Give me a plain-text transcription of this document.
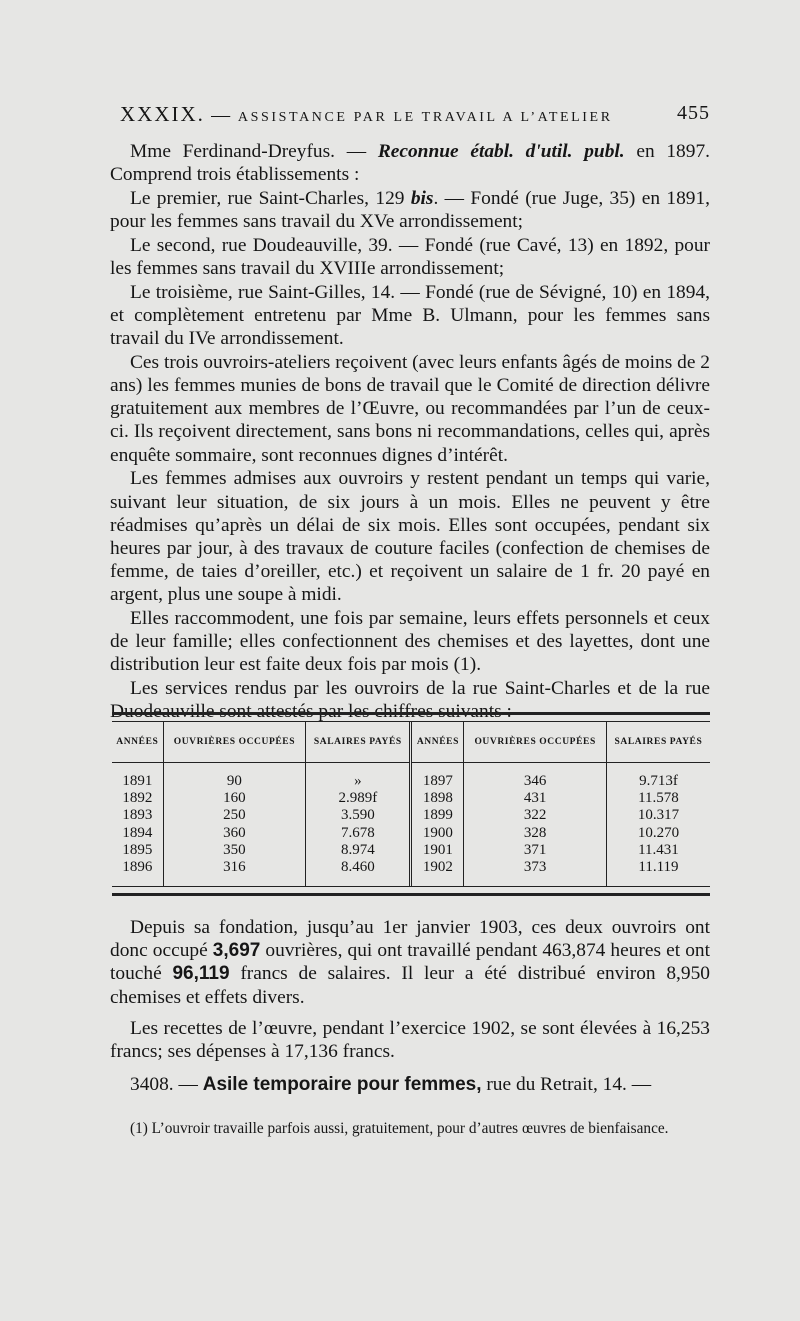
XXXIX. — ASSISTANCE PAR LE TRAVAIL A L’ATELIER	455

Mme Ferdinand-Dreyfus. — Reconnue établ. d'util. publ. en 1897. Comprend trois établissements :

Le premier, rue Saint-Charles, 129 bis. — Fondé (rue Juge, 35) en 1891, pour les femmes sans travail du XVe arrondissement;

Le second, rue Doudeauville, 39. — Fondé (rue Cavé, 13) en 1892, pour les femmes sans travail du XVIIIe arrondissement;

Le troisième, rue Saint-Gilles, 14. — Fondé (rue de Sévigné, 10) en 1894, et complètement entretenu par Mme B. Ulmann, pour les femmes sans travail du IVe arrondissement.

Ces trois ouvroirs-ateliers reçoivent (avec leurs enfants âgés de moins de 2 ans) les femmes munies de bons de travail que le Comité de direction délivre gratuitement aux membres de l’Œuvre, ou recommandées par l’un de ceux-ci. Ils reçoivent directement, sans bons ni recommandations, celles qui, après enquête sommaire, sont reconnues dignes d’intérêt.

Les femmes admises aux ouvroirs y restent pendant un temps qui varie, suivant leur situation, de six jours à un mois. Elles ne peuvent y être réadmises qu’après un délai de six mois. Elles sont occupées, pendant six heures par jour, à des travaux de couture faciles (confection de chemises de femme, de taies d’oreiller, etc.) et reçoivent un salaire de 1 fr. 20 payé en argent, plus une soupe à midi.

Elles raccommodent, une fois par semaine, leurs effets personnels et ceux de leur famille; elles confectionnent des chemises et des layettes, dont une distribution leur est faite deux fois par mois (1).

Les services rendus par les ouvroirs de la rue Saint-Charles et de la rue Duodeauville sont attestés par les chiffres suivants :

ANNÉES	OUVRIÈRES OCCUPÉES	SALAIRES PAYÉS	ANNÉES	OUVRIÈRES OCCUPÉES	SALAIRES PAYÉS
1891	90	»	1897	346	9.713f
1892	160	2.989f	1898	431	11.578
1893	250	3.590	1899	322	10.317
1894	360	7.678	1900	328	10.270
1895	350	8.974	1901	371	11.431
1896	316	8.460	1902	373	11.119

Depuis sa fondation, jusqu’au 1er janvier 1903, ces deux ouvroirs ont donc occupé 3,697 ouvrières, qui ont travaillé pendant 463,874 heures et ont touché 96,119 francs de salaires. Il leur a été distribué environ 8,950 chemises et effets divers.

Les recettes de l’œuvre, pendant l’exercice 1902, se sont élevées à 16,253 francs; ses dépenses à 17,136 francs.

3408. — Asile temporaire pour femmes, rue du Retrait, 14. —

(1) L’ouvroir travaille parfois aussi, gratuitement, pour d’autres œuvres de bienfaisance.
